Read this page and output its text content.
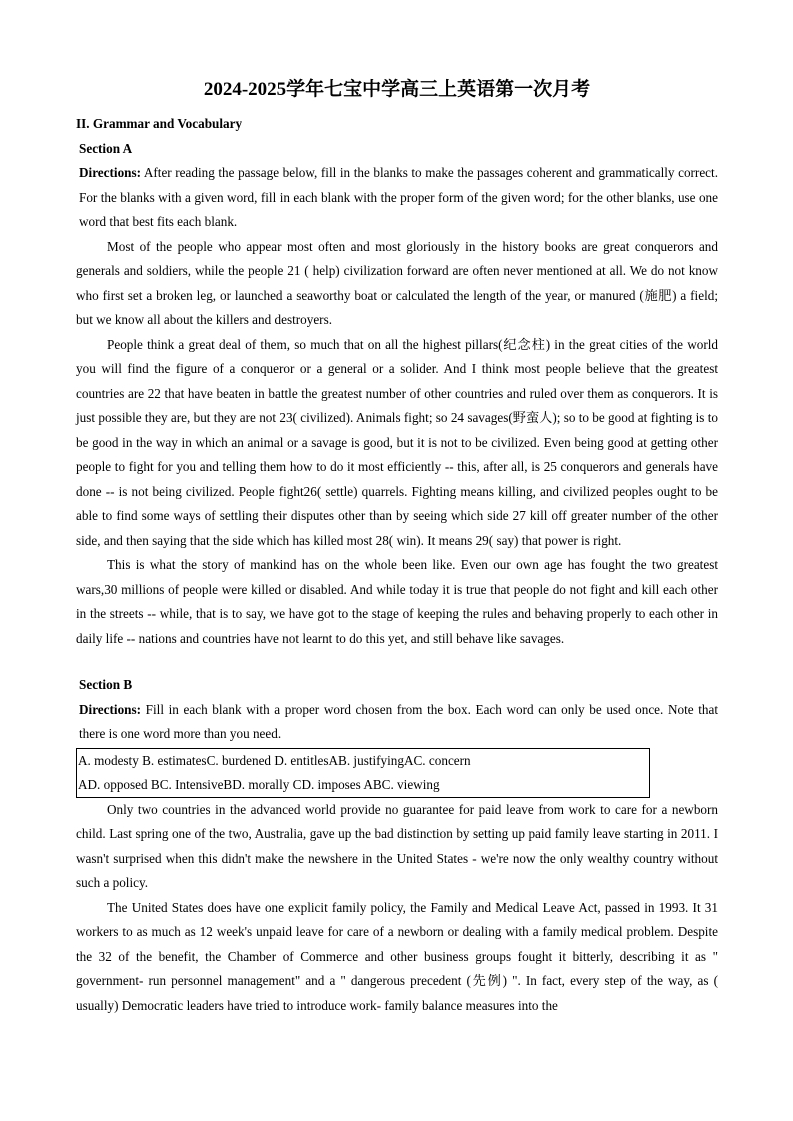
2024-2025学年七宝中学高三上英语第一次月考
II. Grammar and Vocabulary
Section A

Directions: After reading the passage below, fill in the blanks to make the passages coherent and grammatically correct. For the blanks with a given word, fill in each blank with the proper form of the given word; for the other blanks, use one word that best fits each blank.

Most of the people who appear most often and most gloriously in the history books are great conquerors and generals and soldiers, while the people 21 ( help) civilization forward are often never mentioned at all. We do not know who first set a broken leg, or launched a seaworthy boat or calculated the length of the year, or manured (施肥) a field; but we know all about the killers and destroyers.

People think a great deal of them, so much that on all the highest pillars(纪念柱) in the great cities of the world you will find the figure of a conqueror or a general or a solider. And I think most people believe that the greatest countries are 22 that have beaten in battle the greatest number of other countries and ruled over them as conquerors. It is just possible they are, but they are not 23( civilized). Animals fight; so 24 savages(野蛮人); so to be good at fighting is to be good in the way in which an animal or a savage is good, but it is not to be civilized. Even being good at getting other people to fight for you and telling them how to do it most efficiently -- this, after all, is 25 conquerors and generals have done -- is not being civilized. People fight26( settle) quarrels. Fighting means killing, and civilized peoples ought to be able to find some ways of settling their disputes other than by seeing which side 27 kill off greater number of the other side, and then saying that the side which has killed most 28( win). It means 29( say) that power is right.

This is what the story of mankind has on the whole been like. Even our own age has fought the two greatest wars,30 millions of people were killed or disabled. And while today it is true that people do not fight and kill each other in the streets -- while, that is to say, we have got to the stage of keeping the rules and behaving properly to each other in daily life -- nations and countries have not learnt to do this yet, and still behave like savages.

Section B

Directions: Fill in each blank with a proper word chosen from the box. Each word can only be used once. Note that there is one word more than you need.

A. modesty B. estimatesC. burdened D. entitlesAB. justifyingAC. concern
AD. opposed BC. IntensiveBD. morally CD. imposes ABC. viewing

Only two countries in the advanced world provide no guarantee for paid leave from work to care for a newborn child. Last spring one of the two, Australia, gave up the bad distinction by setting up paid family leave starting in 2011. I wasn't surprised when this didn't make the newshere in the United States - we're now the only wealthy country without such a policy.

The United States does have one explicit family policy, the Family and Medical Leave Act, passed in 1993. It 31 workers to as much as 12 week's unpaid leave for care of a newborn or dealing with a family medical problem. Despite the 32 of the benefit, the Chamber of Commerce and other business groups fought it bitterly, describing it as " government- run personnel management" and a " dangerous precedent (先例) ". In fact, every step of the way, as ( usually) Democratic leaders have tried to introduce work- family balance measures into the
